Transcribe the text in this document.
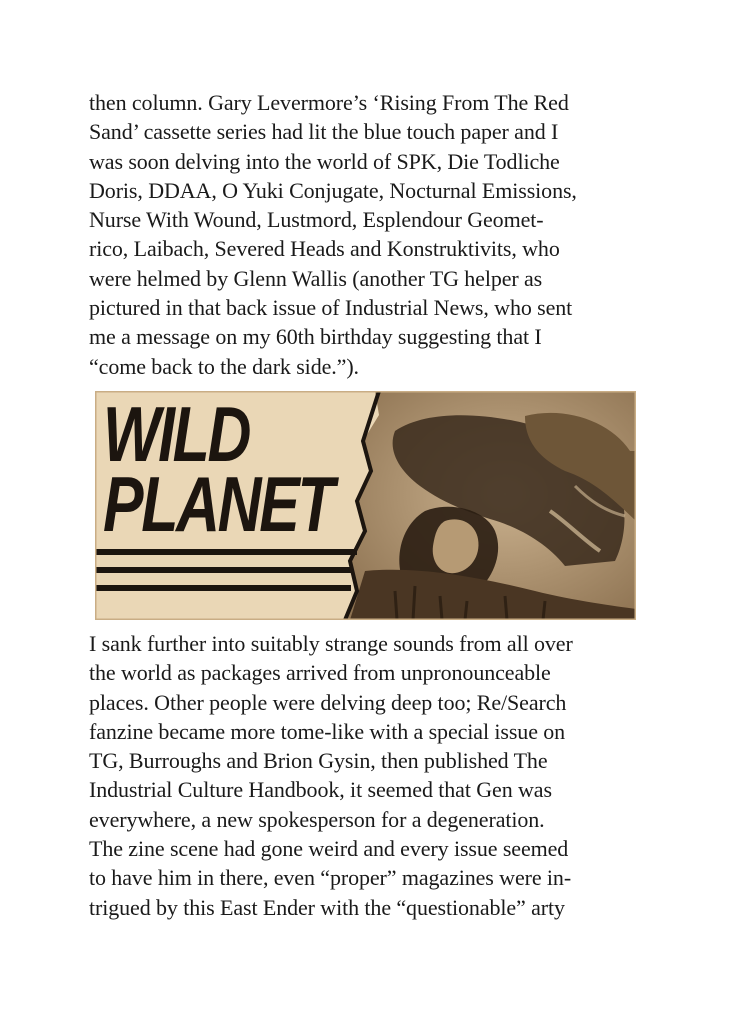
then column. Gary Levermore’s ‘Rising From The Red
Sand’ cassette series had lit the blue touch paper and I
was soon delving into the world of SPK, Die Todliche
Doris, DDAA, O Yuki Conjugate, Nocturnal Emissions,
Nurse With Wound, Lustmord, Esplendour Geomet-
rico, Laibach, Severed Heads and Konstruktivits, who
were helmed by Glenn Wallis (another TG helper as
pictured in that back issue of Industrial News, who sent
me a message on my 60th birthday suggesting that I
“come back to the dark side.”).
WILD
PLANET
I sank further into suitably strange sounds from all over
the world as packages arrived from unpronounceable
places. Other people were delving deep too; Re/Search
fanzine became more tome-like with a special issue on
TG, Burroughs and Brion Gysin, then published The
Industrial Culture Handbook, it seemed that Gen was
everywhere, a new spokesperson for a degeneration.
The zine scene had gone weird and every issue seemed
to have him in there, even “proper” magazines were in-
trigued by this East Ender with the “questionable” arty
